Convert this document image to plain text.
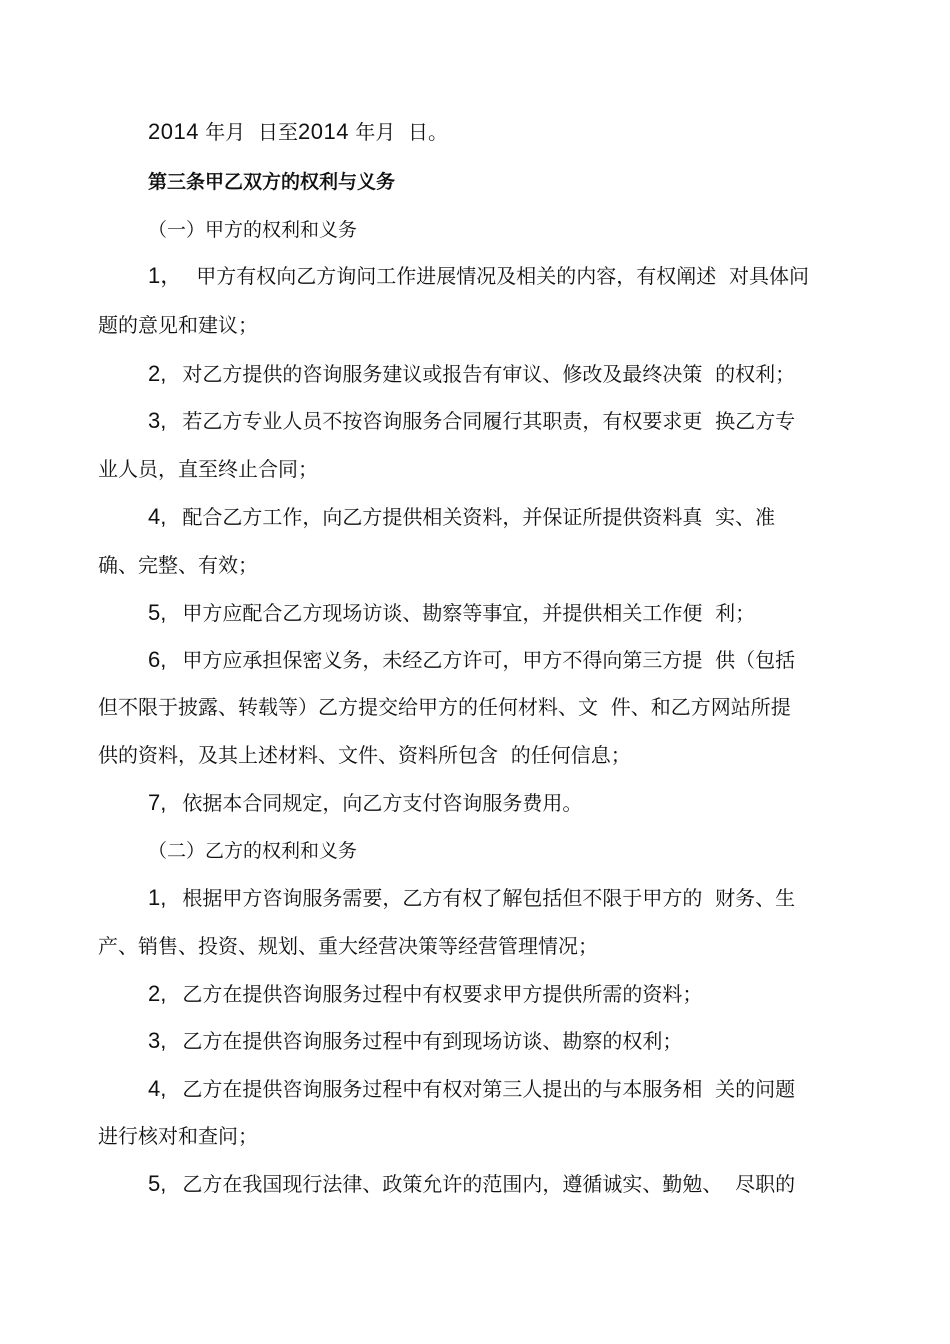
2014 年月  日至2014 年月  日。
第三条甲乙双方的权利与义务
（一）甲方的权利和义务
1， 甲方有权向乙方询问工作进展情况及相关的内容，有权阐述  对具体问
题的意见和建议；
2, 对乙方提供的咨询服务建议或报告有审议、修改及最终决策  的权利；
3, 若乙方专业人员不按咨询服务合同履行其职责，有权要求更  换乙方专
业人员，直至终止合同；
4, 配合乙方工作，向乙方提供相关资料，并保证所提供资料真  实、准
确、完整、有效；
5, 甲方应配合乙方现场访谈、勘察等事宜，并提供相关工作便  利；
6, 甲方应承担保密义务，未经乙方许可，甲方不得向第三方提  供（包括
但不限于披露、转载等）乙方提交给甲方的任何材料、文  件、和乙方网站所提
供的资料，及其上述材料、文件、资料所包含  的任何信息；
7, 依据本合同规定，向乙方支付咨询服务费用。
（二）乙方的权利和义务
1, 根据甲方咨询服务需要，乙方有权了解包括但不限于甲方的  财务、生
产、销售、投资、规划、重大经营决策等经营管理情况；
2, 乙方在提供咨询服务过程中有权要求甲方提供所需的资料；
3, 乙方在提供咨询服务过程中有到现场访谈、勘察的权利；
4, 乙方在提供咨询服务过程中有权对第三人提出的与本服务相  关的问题
进行核对和查问；
5, 乙方在我国现行法律、政策允许的范围内，遵循诚实、勤勉、  尽职的
